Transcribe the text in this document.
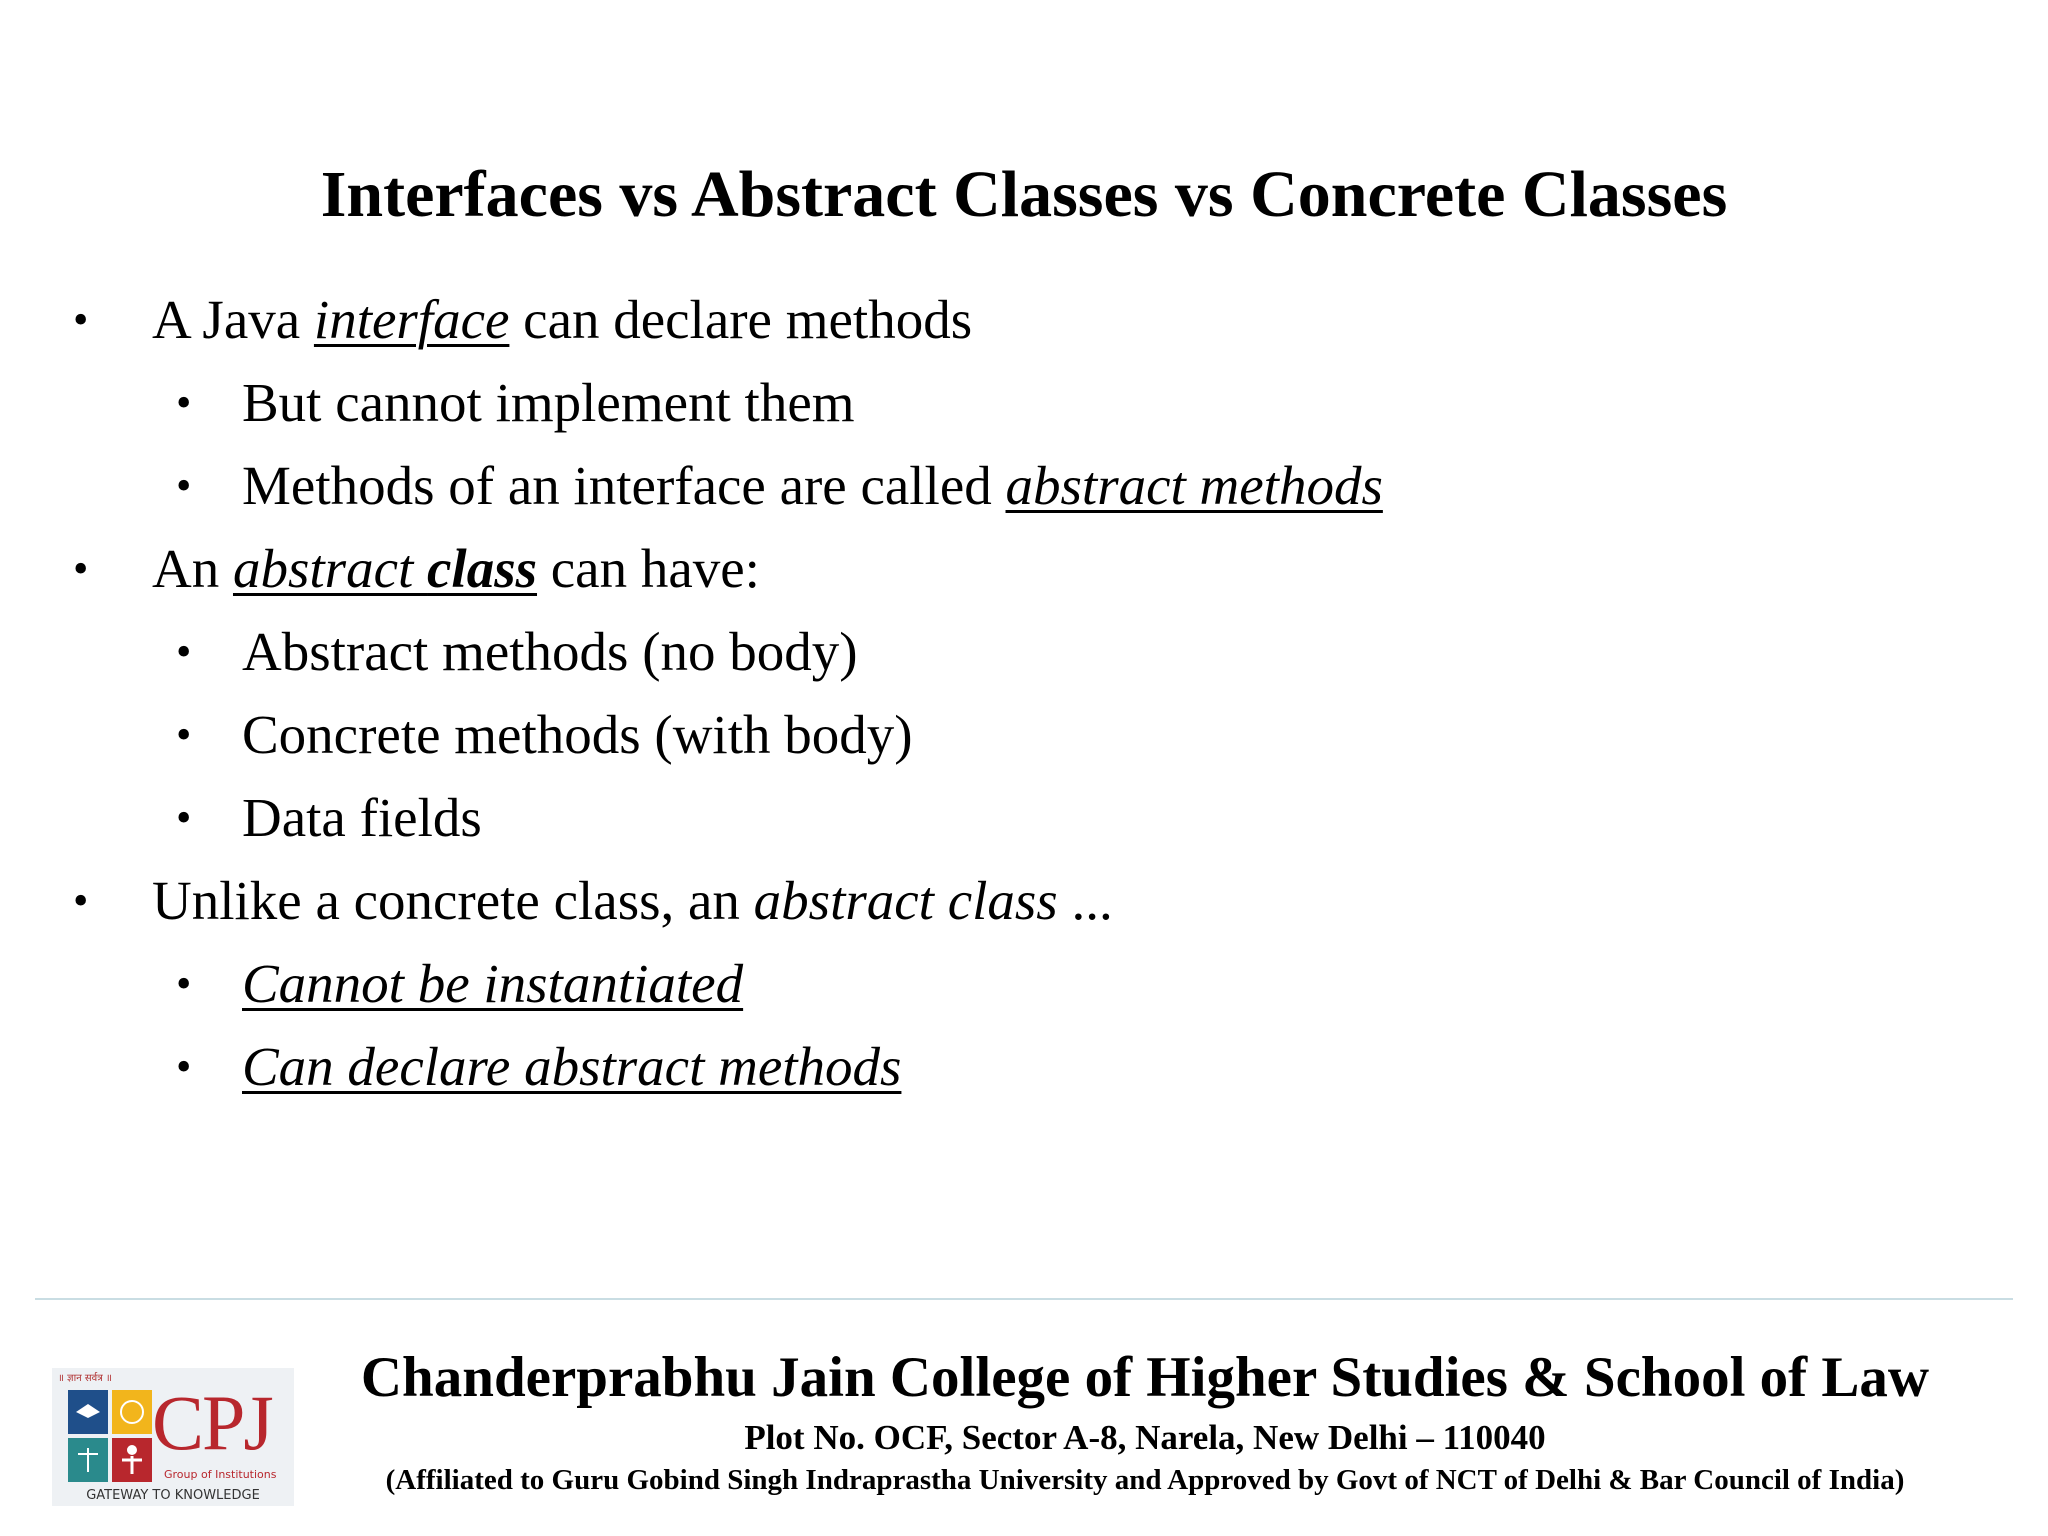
Interfaces vs Abstract Classes vs Concrete Classes
• A Java interface can declare methods
• But cannot implement them
• Methods of an interface are called abstract methods
• An abstract class can have:
• Abstract methods (no body)
• Concrete methods (with body)
• Data fields
• Unlike a concrete class, an abstract class ...
• Cannot be instantiated
• Can declare abstract methods
॥ ज्ञान सर्वत्र ॥
CPJ
Group of Institutions
GATEWAY TO KNOWLEDGE
Chanderprabhu Jain College of Higher Studies & School of Law
Plot No. OCF, Sector A-8, Narela, New Delhi – 110040
(Affiliated to Guru Gobind Singh Indraprastha University and Approved by Govt of NCT of Delhi & Bar Council of India)
